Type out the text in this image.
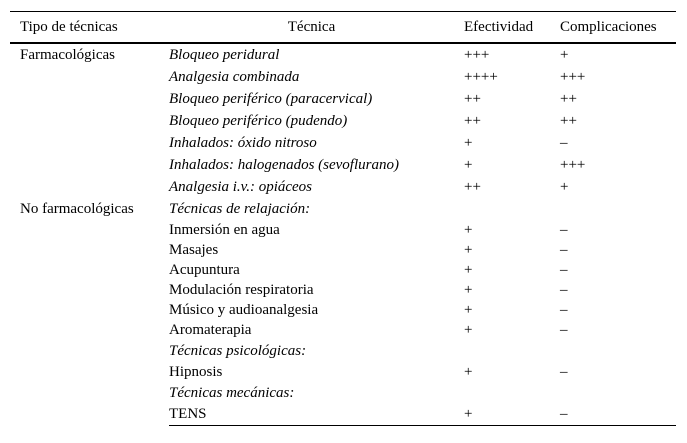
Tipo de técnicas	Técnica	Efectividad	Complicaciones
Farmacológicas	Bloqueo peridural	+++	+
	Analgesia combinada	++++	+++
	Bloqueo periférico (paracervical)	++	++
	Bloqueo periférico (pudendo)	++	++
	Inhalados: óxido nitroso	+	–
	Inhalados: halogenados (sevoflurano)	+	+++
	Analgesia i.v.: opiáceos	++	+
No farmacológicas	Técnicas de relajación:		
	Inmersión en agua	+	–
	Masajes	+	–
	Acupuntura	+	–
	Modulación respiratoria	+	–
	Músico y audioanalgesia	+	–
	Aromaterapia	+	–
	Técnicas psicológicas:		
	Hipnosis	+	–
	Técnicas mecánicas:		
	TENS	+	–
